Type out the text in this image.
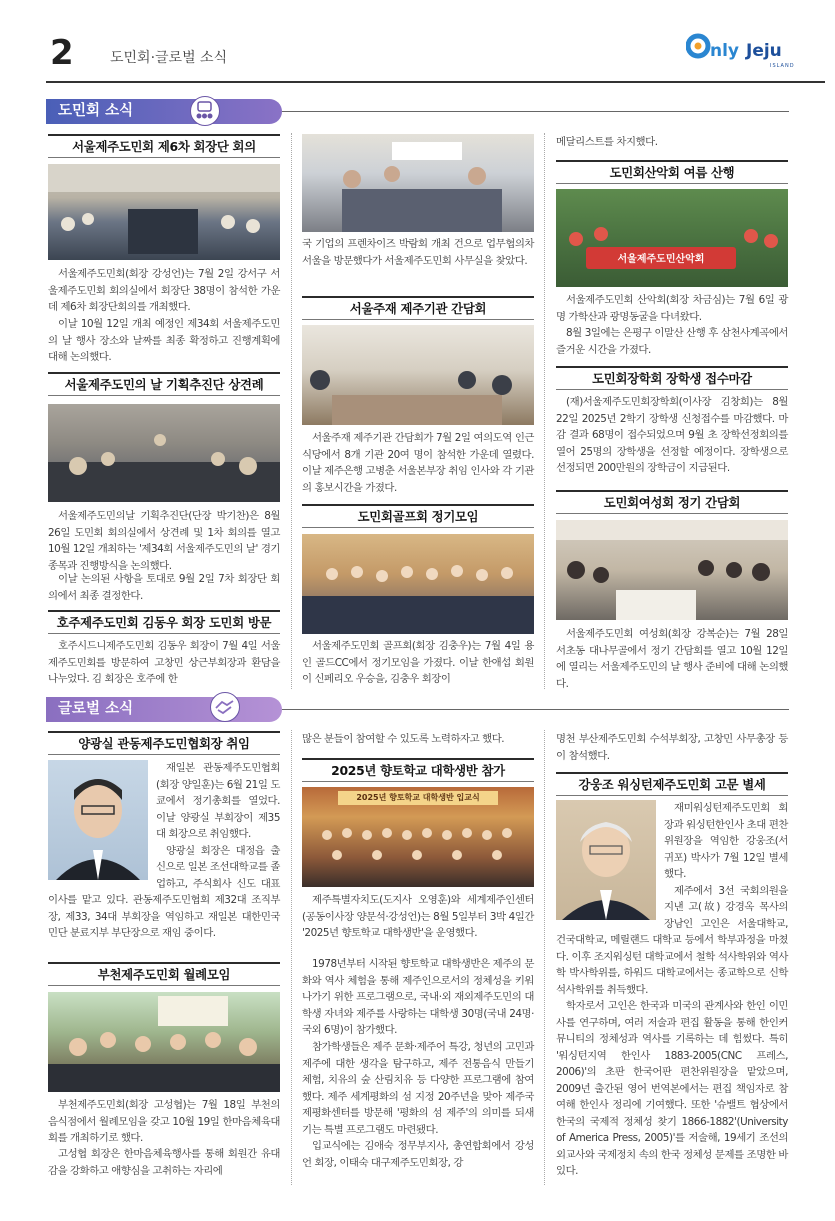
2	도민회·글로벌 소식	nly Jeju
ISLAND
도민회 소식
서울제주도민회 제6차 회장단 회의
서울제주도민회(회장 강성언)는 7월 2일 강서구 서울제주도민회 회의실에서 회장단 38명이 참석한 가운데 제6차 회장단회의를 개최했다.
이날 10월 12일 개최 예정인 제34회 서울제주도민의 날 행사 장소와 날짜를 최종 확정하고 진행계획에 대해 논의했다.
서울제주도민의 날 기획추진단 상견례
서울제주도민의날 기획추진단(단장 박기찬)은 8월 26일 도민회 회의실에서 상견례 및 1차 회의를 열고 10월 12일 개최하는 '제34회 서울제주도민의 날' 경기종목과 진행방식을 논의했다.
이날 논의된 사항을 토대로 9월 2일 7차 회장단 회의에서 최종 결정한다.
호주제주도민회 김동우 회장 도민회 방문
호주시드니제주도민회 김동우 회장이 7월 4일 서울제주도민회를 방문하여 고창민 상근부회장과 환담을 나누었다. 김 회장은 호주에 한
국 기업의 프렌차이즈 박람회 개최 건으로 업무협의차 서울을 방문했다가 서울제주도민회 사무실을 찾았다.
서울주재 제주기관 간담회
서울주재 제주기관 간담회가 7월 2일 여의도역 인근 식당에서 8개 기관 20여 명이 참석한 가운데 열렸다. 이날 제주은행 고병춘 서울본부장 취임 인사와 각 기관의 홍보시간을 가졌다.
도민회골프회 정기모임
서울제주도민회 골프회(회장 김충우)는 7월 4일 용인 골드CC에서 정기모임을 가졌다. 이날 한애섭 회원이 신페리오 우승을, 김충우 회장이
메달리스트를 차지했다.
도민회산악회 여름 산행
서울제주도민산악회
서울제주도민회 산악회(회장 차금심)는 7월 6일 광명 가학산과 광명동굴을 다녀왔다.
8월 3일에는 은평구 이말산 산행 후 삼천사계곡에서 즐거운 시간을 가졌다.
도민회장학회 장학생 접수마감
(재)서울제주도민회장학회(이사장 김창희)는 8월 22일 2025년 2학기 장학생 신청접수를 마감했다. 마감 결과 68명이 접수되었으며 9월 초 장학선정회의를 열어 25명의 장학생을 선정할 예정이다. 장학생으로 선정되면 200만원의 장학금이 지급된다.
도민회여성회 정기 간담회
서울제주도민회 여성회(회장 강복순)는 7월 28일 서초동 대나무골에서 정기 간담회를 열고 10월 12일에 열리는 서울제주도민의 날 행사 준비에 대해 논의했다.
글로벌 소식
양광실 관동제주도민협회장 취임
재일본 관동제주도민협회(회장 양일훈)는 6월 21일 도쿄에서 정기총회를 열었다. 이날 양광실 부회장이 제35대 회장으로 취임했다.
양광실 회장은 대정읍 출신으로 일본 조선대학교를 졸업하고, 주식회사 신도 대표이사를 맡고 있다. 관동제주도민협회 제32대 조직부장, 제33, 34대 부회장을 역임하고 재일본 대한민국 민단 분료지부 부단장으로 재임 중이다.
부천제주도민회 월례모임
부천제주도민회(회장 고성협)는 7월 18일 부천의 음식점에서 월례모임을 갖고 10월 19일 한마음체육대회를 개최하기로 했다.
고성협 회장은 한마음체육행사를 통해 회원간 유대감을 강화하고 애향심을 고취하는 자리에
많은 분들이 참여할 수 있도록 노력하자고 했다.
2025년 향토학교 대학생반 참가
2025년 향토학교 대학생반 입교식
제주특별자치도(도지사 오영훈)와 세계제주인센터(공동이사장 양문석·강성언)는 8월 5일부터 3박 4일간 '2025년 향토학교 대학생반'을 운영했다.
1978년부터 시작된 향토학교 대학생반은 제주의 문화와 역사 체험을 통해 제주인으로서의 정체성을 키워나가기 위한 프로그램으로, 국내·외 재외제주도민의 대학생 자녀와 제주를 사랑하는 대학생 30명(국내 24명·국외 6명)이 참가했다.
참가학생들은 제주 문화·제주어 특강, 청년의 고민과 제주에 대한 생각을 탐구하고, 제주 전통음식 만들기 체험, 치유의 숲 산림치유 등 다양한 프로그램에 참여했다. 제주 세계평화의 섬 지정 20주년을 맞아 제주국제평화센터를 방문해 '평화의 섬 제주'의 의미를 되새기는 특별 프로그램도 마련됐다.
입교식에는 김애숙 정무부지사, 총연합회에서 강성언 회장, 이태숙 대구제주도민회장, 강
명천 부산제주도민회 수석부회장, 고창민 사무총장 등이 참석했다.
강웅조 워싱턴제주도민회 고문 별세
재미워싱턴제주도민회 회장과 워싱턴한인사 초대 편찬위원장을 역임한 강웅조(서귀포) 박사가 7월 12일 별세했다.
제주에서 3선 국회의원을 지낸 고(故) 강경옥 목사의 장남인 고인은 서울대학교, 건국대학교, 메릴랜드 대학교 등에서 학부과정을 마쳤다. 이후 조지워싱턴 대학교에서 철학 석사학위와 역사학 박사학위를, 하워드 대학교에서는 종교학으로 신학 석사학위를 취득했다.
학자로서 고인은 한국과 미국의 관계사와 한인 이민사를 연구하며, 여러 저술과 편집 활동을 통해 한인커뮤니티의 정체성과 역사를 기록하는 데 힘썼다. 특히 '워싱턴지역 한인사 1883-2005(CNC 프레스, 2006)'의 초판 한국어판 편찬위원장을 맡았으며, 2009년 출간된 영어 번역본에서는 편집 책임자로 참여해 한인사 정리에 기여했다. 또한 '슈밸트 협상에서 한국의 국제적 정체성 찾기 1866-1882'(University of America Press, 2005)'를 저술해, 19세기 조선의 외교사와 국제정치 속의 한국 정체성 문제를 조명한 바 있다.
